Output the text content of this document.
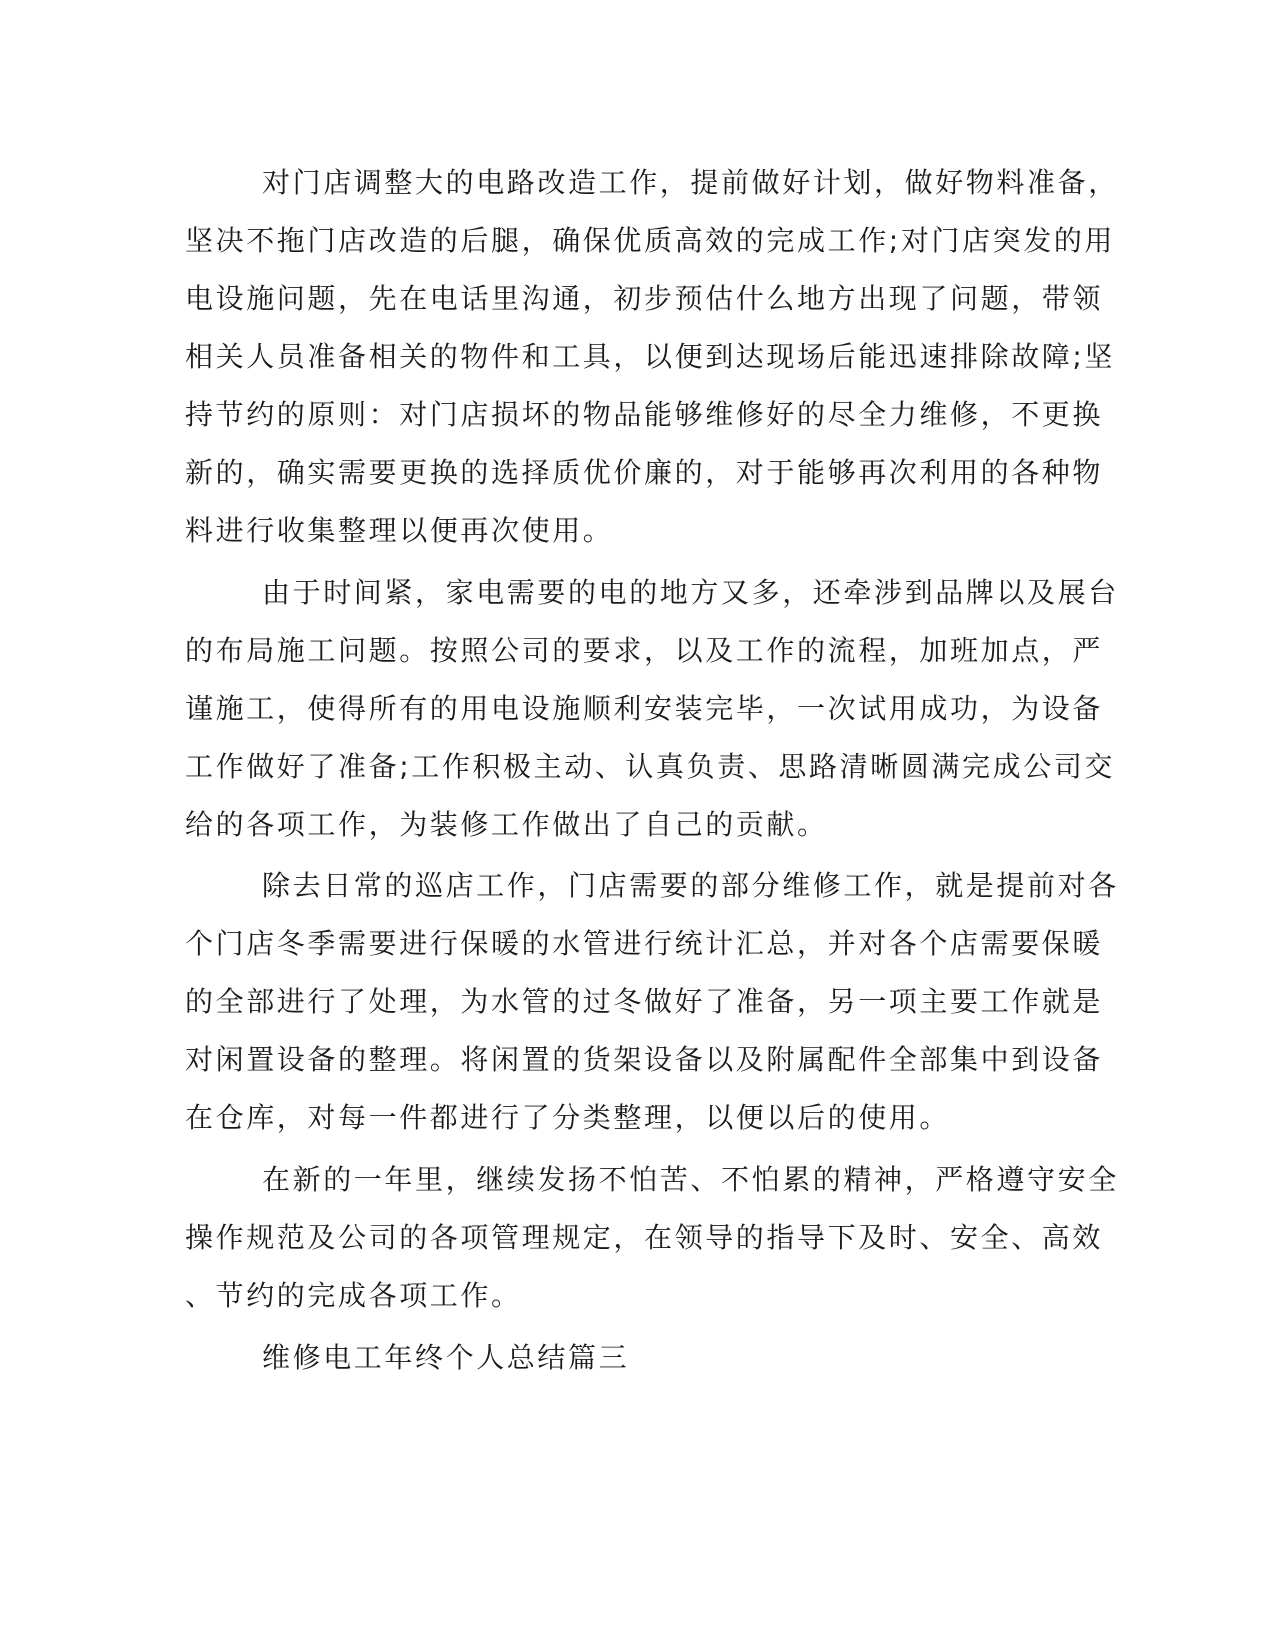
对门店调整大的电路改造工作，提前做好计划，做好物料准备，
坚决不拖门店改造的后腿，确保优质高效的完成工作;对门店突发的用
电设施问题，先在电话里沟通，初步预估什么地方出现了问题，带领
相关人员准备相关的物件和工具，以便到达现场后能迅速排除故障;坚
持节约的原则：对门店损坏的物品能够维修好的尽全力维修，不更换
新的，确实需要更换的选择质优价廉的，对于能够再次利用的各种物
料进行收集整理以便再次使用。
由于时间紧，家电需要的电的地方又多，还牵涉到品牌以及展台
的布局施工问题。按照公司的要求，以及工作的流程，加班加点，严
谨施工，使得所有的用电设施顺利安装完毕，一次试用成功，为设备
工作做好了准备;工作积极主动、认真负责、思路清晰圆满完成公司交
给的各项工作，为装修工作做出了自己的贡献。
除去日常的巡店工作，门店需要的部分维修工作，就是提前对各
个门店冬季需要进行保暖的水管进行统计汇总，并对各个店需要保暖
的全部进行了处理，为水管的过冬做好了准备，另一项主要工作就是
对闲置设备的整理。将闲置的货架设备以及附属配件全部集中到设备
在仓库，对每一件都进行了分类整理，以便以后的使用。
在新的一年里，继续发扬不怕苦、不怕累的精神，严格遵守安全
操作规范及公司的各项管理规定，在领导的指导下及时、安全、高效
、节约的完成各项工作。
维修电工年终个人总结篇三
